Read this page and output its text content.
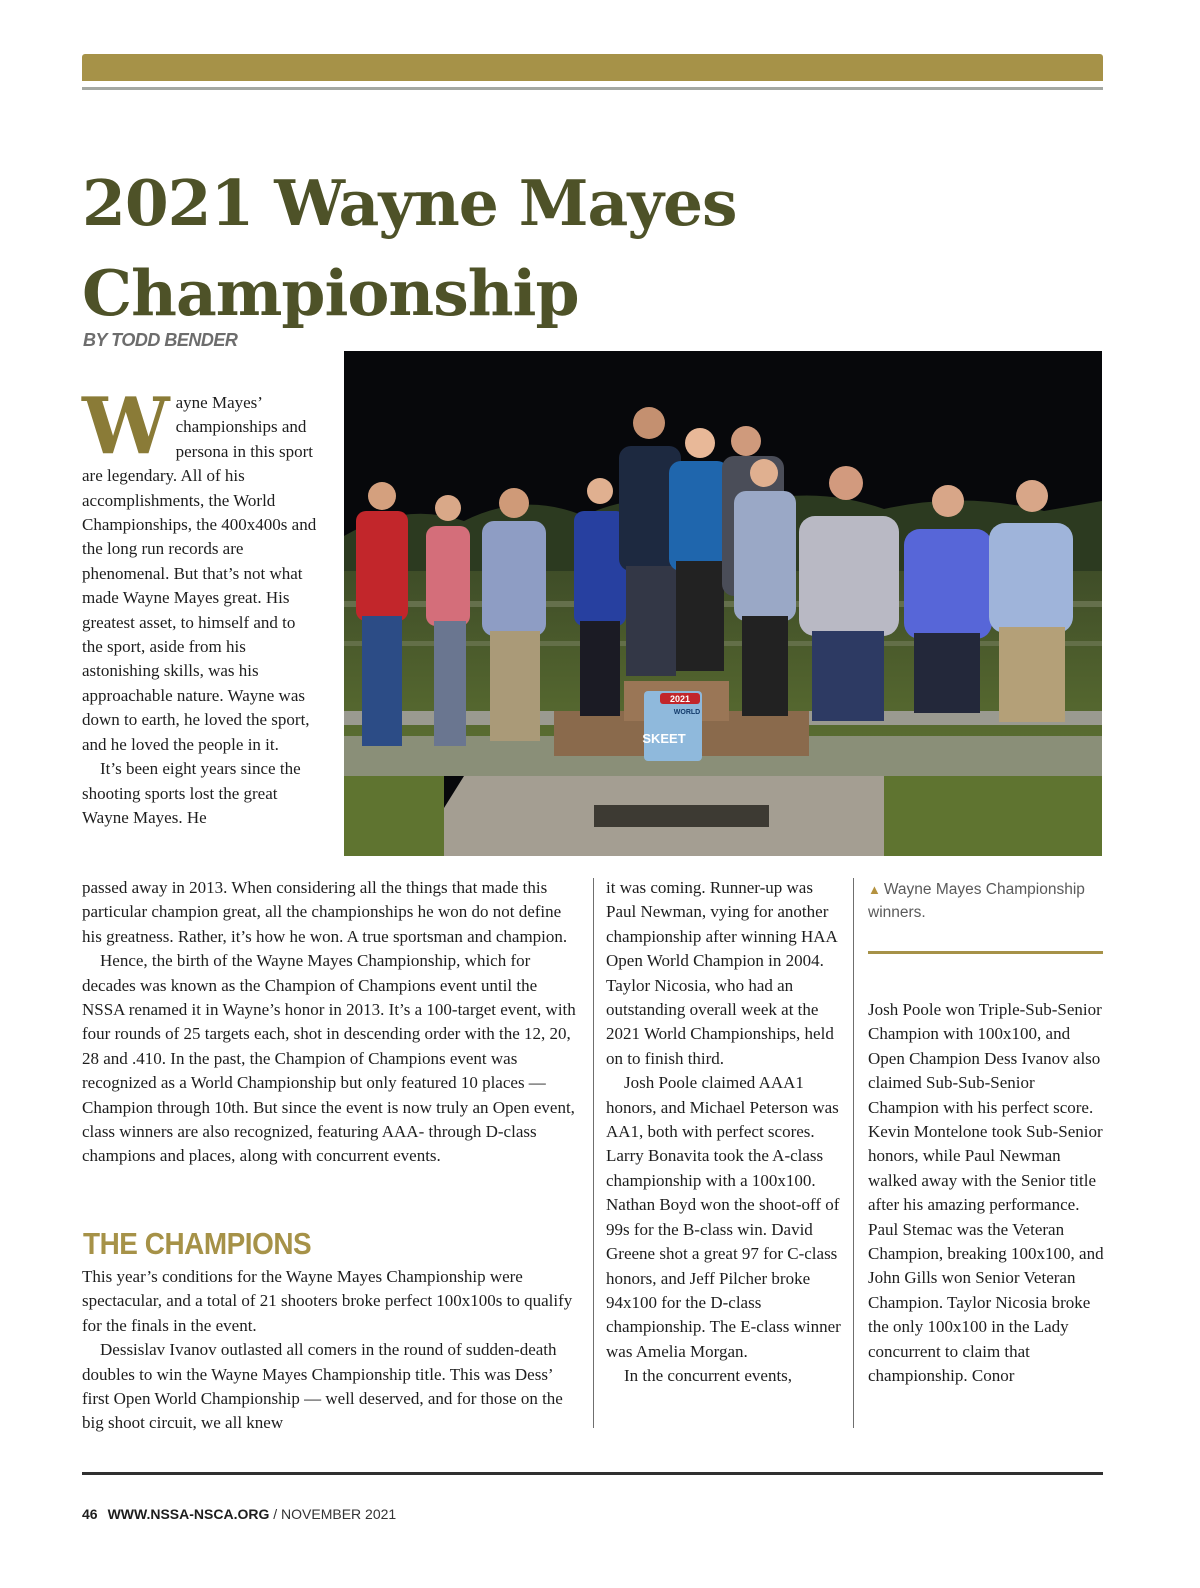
2021 Wayne Mayes
Championship
BY TODD BENDER
2021
WORLD
SKEET
W ayne Mayes’ championships and persona in this sport are legendary. All of his accomplishments, the World Championships, the 400x400s and the long run records are phenomenal. But that’s not what made Wayne Mayes great. His greatest asset, to himself and to the sport, aside from his astonishing skills, was his approachable nature. Wayne was down to earth, he loved the sport, and he loved the people in it.

It’s been eight years since the shooting sports lost the great Wayne Mayes. He

passed away in 2013. When considering all the things that made this particular champion great, all the championships he won do not define his greatness. Rather, it’s how he won. A true sportsman and champion.

Hence, the birth of the Wayne Mayes Championship, which for decades was known as the Champion of Champions event until the NSSA renamed it in Wayne’s honor in 2013. It’s a 100-target event, with four rounds of 25 targets each, shot in descending order with the 12, 20, 28 and .410. In the past, the Champion of Champions event was recognized as a World Championship but only featured 10 places — Champion through 10th. But since the event is now truly an Open event, class winners are also recognized, featuring AAA- through D-class champions and places, along with concurrent events.

THE CHAMPIONS

This year’s conditions for the Wayne Mayes Championship were spectacular, and a total of 21 shooters broke perfect 100x100s to qualify for the finals in the event.

Dessislav Ivanov outlasted all comers in the round of sudden-death doubles to win the Wayne Mayes Championship title. This was Dess’ first Open World Championship — well deserved, and for those on the big shoot circuit, we all knew

it was coming. Runner-up was Paul Newman, vying for another championship after winning HAA Open World Champion in 2004. Taylor Nicosia, who had an outstanding overall week at the 2021 World Championships, held on to finish third.

Josh Poole claimed AAA1 honors, and Michael Peterson was AA1, both with perfect scores. Larry Bonavita took the A-class championship with a 100x100. Nathan Boyd won the shoot-off of 99s for the B-class win. David Greene shot a great 97 for C-class honors, and Jeff Pilcher broke 94x100 for the D-class championship. The E-class winner was Amelia Morgan.

In the concurrent events,

▲ Wayne Mayes Championship winners.

Josh Poole won Triple-Sub-Senior Champion with 100x100, and Open Champion Dess Ivanov also claimed Sub-Sub-Senior Champion with his perfect score. Kevin Montelone took Sub-Senior honors, while Paul Newman walked away with the Senior title after his amazing performance. Paul Stemac was the Veteran Champion, breaking 100x100, and John Gills won Senior Veteran Champion. Taylor Nicosia broke the only 100x100 in the Lady concurrent to claim that championship. Conor

46 WWW.NSSA-NSCA.ORG / NOVEMBER 2021
